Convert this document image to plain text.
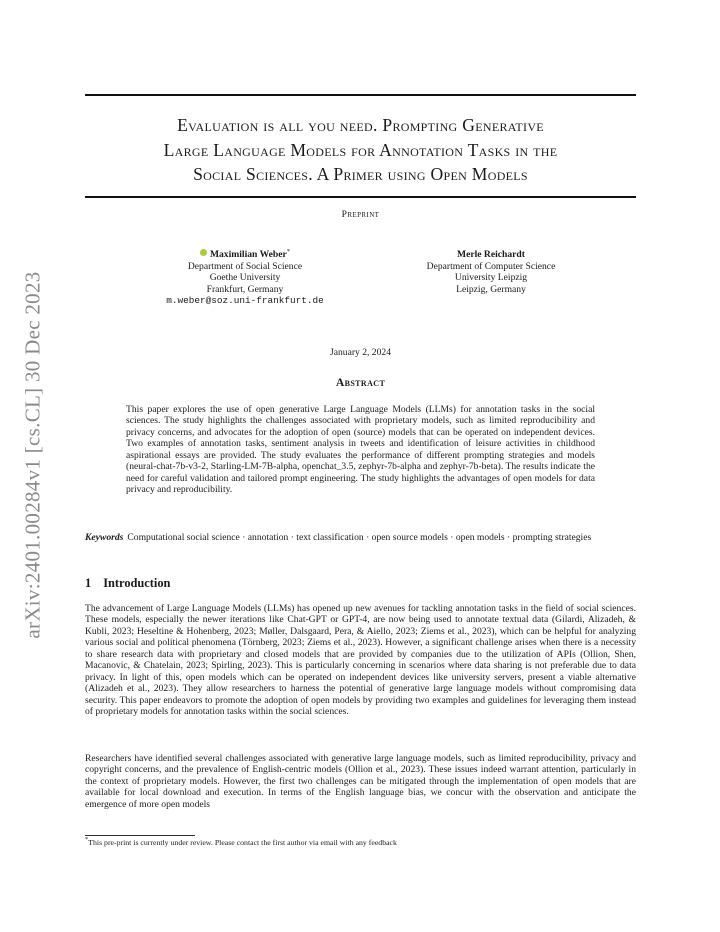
arXiv:2401.00284v1 [cs.CL] 30 Dec 2023
Evaluation is all you need. Prompting Generative
Large Language Models for Annotation Tasks in the
Social Sciences. A Primer using Open Models
Preprint
Maximilian Weber*
Department of Social Science
Goethe University
Frankfurt, Germany
m.weber@soz.uni-frankfurt.de
Merle Reichardt
Department of Computer Science
University Leipzig
Leipzig, Germany
January 2, 2024
Abstract
This paper explores the use of open generative Large Language Models (LLMs) for annotation tasks in the social sciences. The study highlights the challenges associated with proprietary models, such as limited reproducibility and privacy concerns, and advocates for the adoption of open (source) models that can be operated on independent devices. Two examples of annotation tasks, sentiment analysis in tweets and identification of leisure activities in childhood aspirational essays are provided. The study evaluates the performance of different prompting strategies and models (neural-chat-7b-v3-2, Starling-LM-7B-alpha, openchat_3.5, zephyr-7b-alpha and zephyr-7b-beta). The results indicate the need for careful validation and tailored prompt engineering. The study highlights the advantages of open models for data privacy and reproducibility.
Keywords Computational social science · annotation · text classification · open source models · open models · prompting strategies
1 Introduction
The advancement of Large Language Models (LLMs) has opened up new avenues for tackling annotation tasks in the field of social sciences. These models, especially the newer iterations like Chat-GPT or GPT-4, are now being used to annotate textual data (Gilardi, Alizadeh, & Kubli, 2023; Heseltine & Hohenberg, 2023; Møller, Dalsgaard, Pera, & Aiello, 2023; Ziems et al., 2023), which can be helpful for analyzing various social and political phenomena (Törnberg, 2023; Ziems et al., 2023). However, a significant challenge arises when there is a necessity to share research data with proprietary and closed models that are provided by companies due to the utilization of APIs (Ollion, Shen, Macanovic, & Chatelain, 2023; Spirling, 2023). This is particularly concerning in scenarios where data sharing is not preferable due to data privacy. In light of this, open models which can be operated on independent devices like university servers, present a viable alternative (Alizadeh et al., 2023). They allow researchers to harness the potential of generative large language models without compromising data security. This paper endeavors to promote the adoption of open models by providing two examples and guidelines for leveraging them instead of proprietary models for annotation tasks within the social sciences.
Researchers have identified several challenges associated with generative large language models, such as limited reproducibility, privacy and copyright concerns, and the prevalence of English-centric models (Ollion et al., 2023). These issues indeed warrant attention, particularly in the context of proprietary models. However, the first two challenges can be mitigated through the implementation of open models that are available for local download and execution. In terms of the English language bias, we concur with the observation and anticipate the emergence of more open models
*This pre-print is currently under review. Please contact the first author via email with any feedback
